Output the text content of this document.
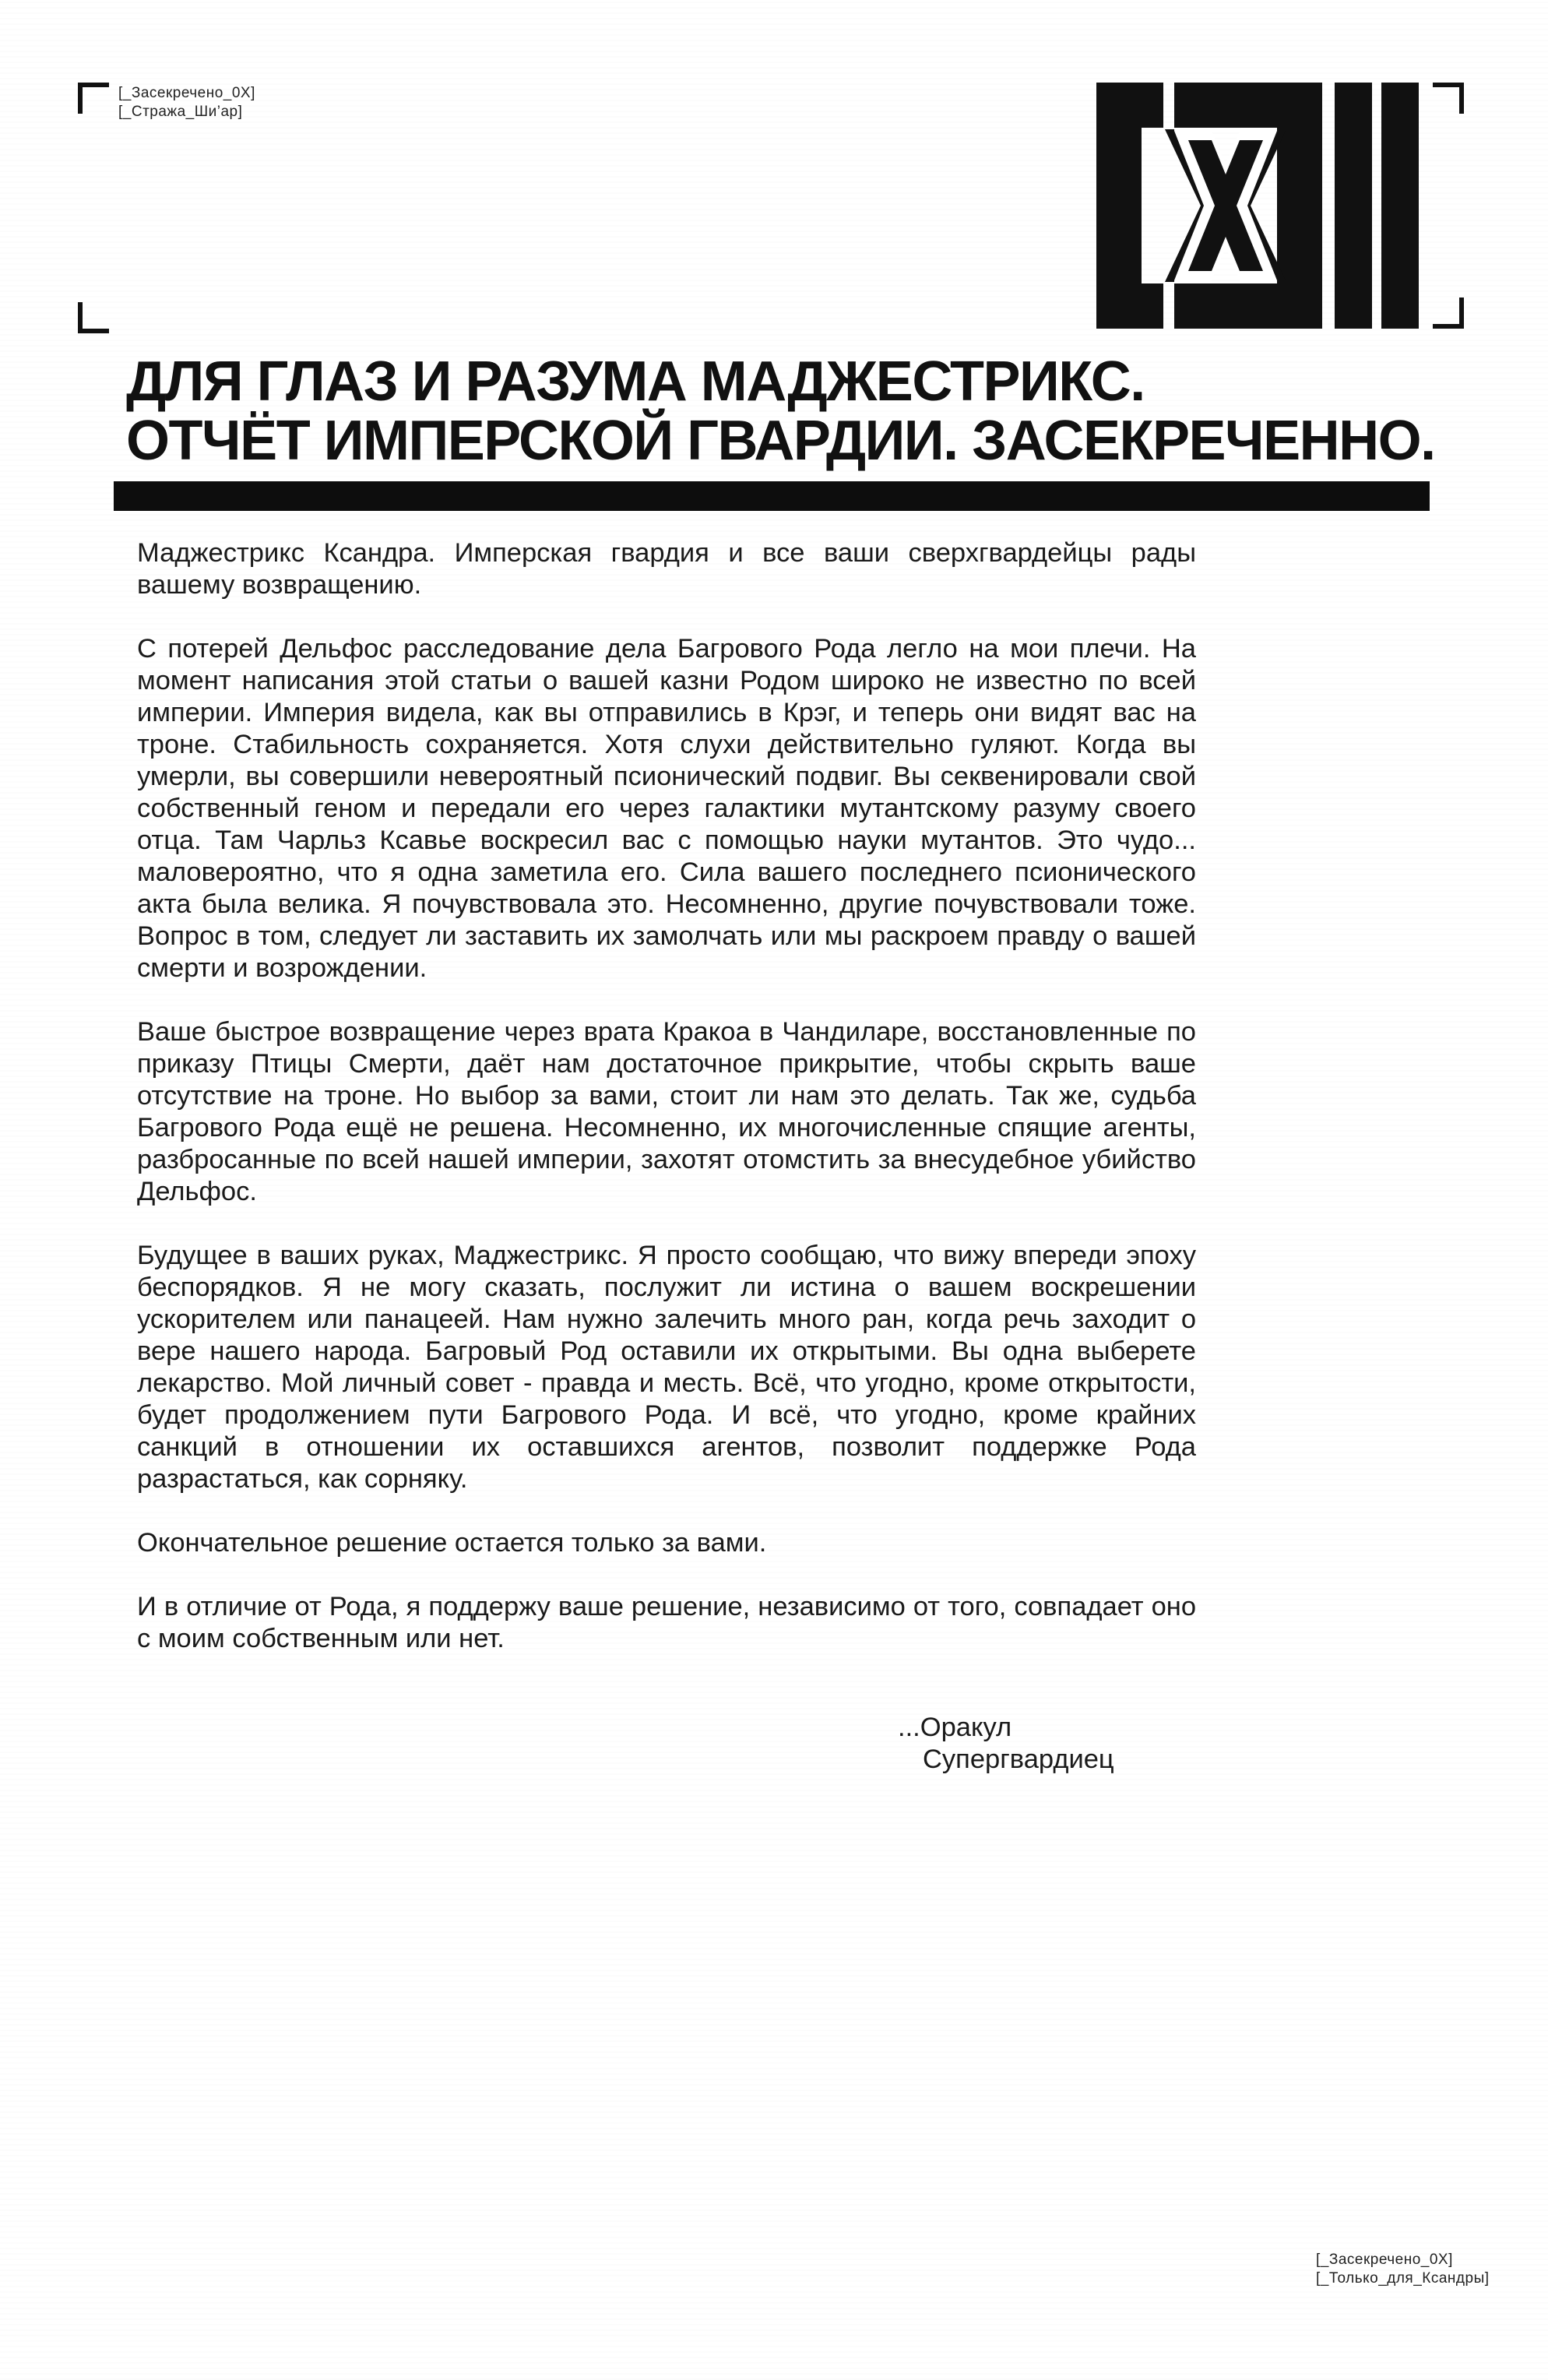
[_Засекречено_0X]
[_Стража_Ши’ар]
ДЛЯ ГЛАЗ И РАЗУМА МАДЖЕСТРИКС.
ОТЧЁТ ИМПЕРСКОЙ ГВАРДИИ. ЗАСЕКРЕЧЕННО.

Маджестрикс Ксандра. Имперская гвардия и все ваши сверхгвардейцы рады вашему возвращению.

С потерей Дельфос расследование дела Багрового Рода легло на мои плечи. На момент написания этой статьи о вашей казни Родом широко не известно по всей империи. Империя видела, как вы отправились в Крэг, и теперь они видят вас на троне. Стабильность сохраняется. Хотя слухи действительно гуляют. Когда вы умерли, вы совершили невероятный псионический подвиг. Вы секвенировали свой собственный геном и передали его через галактики мутантскому разуму своего отца. Там Чарльз Ксавье воскресил вас с помощью науки мутантов. Это чудо... маловероятно, что я одна заметила его. Сила вашего последнего псионического акта была велика. Я почувствовала это. Несомненно, другие почувствовали тоже. Вопрос в том, следует ли заставить их замолчать или мы раскроем правду о вашей смерти и возрождении.

Ваше быстрое возвращение через врата Кракоа в Чандиларе, восстановленные по приказу Птицы Смерти, даёт нам достаточное прикрытие, чтобы скрыть ваше отсутствие на троне. Но выбор за вами, стоит ли нам это делать. Так же, судьба Багрового Рода ещё не решена. Несомненно, их многочисленные спящие агенты, разбросанные по всей нашей империи, захотят отомстить за внесудебное убийство Дельфос.

Будущее в ваших руках, Маджестрикс. Я просто сообщаю, что вижу впереди эпоху беспорядков. Я не могу сказать, послужит ли истина о вашем воскрешении ускорителем или панацеей. Нам нужно залечить много ран, когда речь заходит о вере нашего народа. Багровый Род оставили их открытыми. Вы одна выберете лекарство. Мой личный совет - правда и месть. Всё, что угодно, кроме открытости, будет продолжением пути Багрового Рода. И всё, что угодно, кроме крайних санкций в отношении их оставшихся агентов, позволит поддержке Рода разрастаться, как сорняку.

Окончательное решение остается только за вами.

И в отличие от Рода, я поддержу ваше решение, независимо от того, совпадает оно с моим собственным или нет.

...Оракул
Супергвардиец
[_Засекречено_0X]
[_Только_для_Ксандры]
